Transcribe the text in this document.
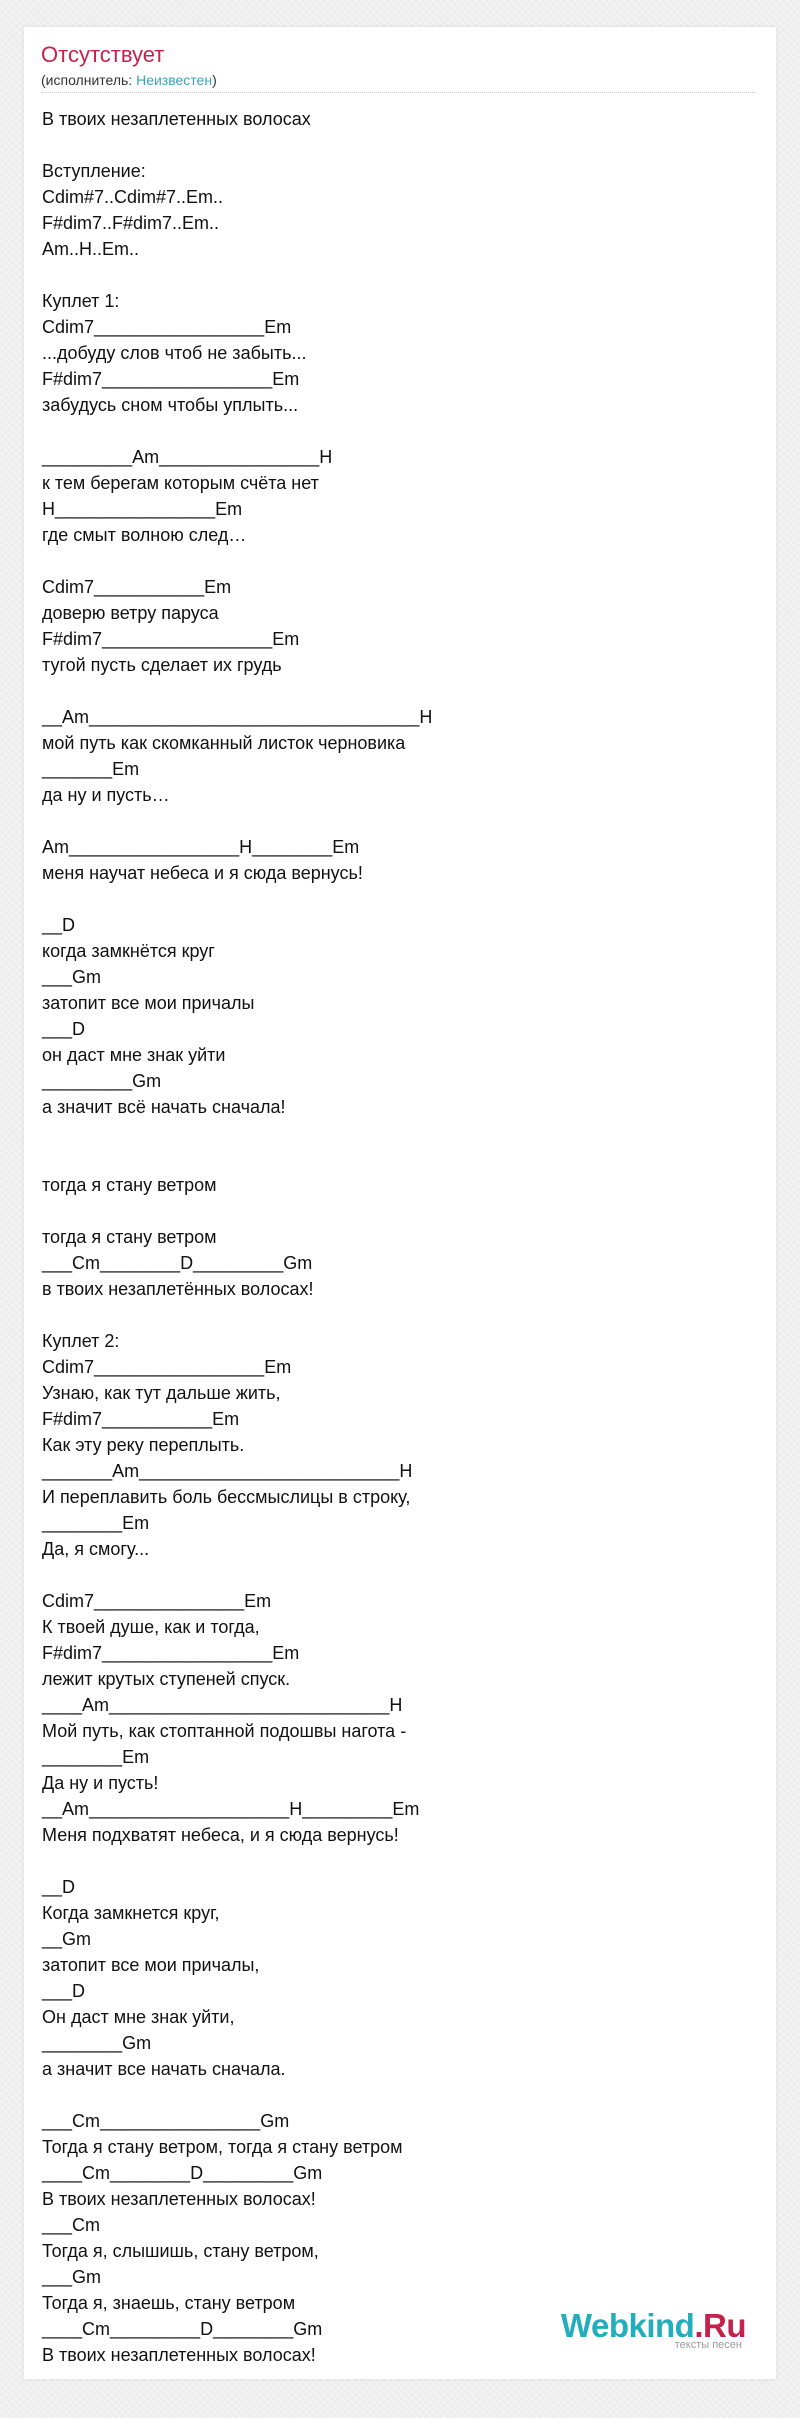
Отсутствует
(исполнитель: Неизвестен)
В твоих незаплетенных волосах

Вступление:
Cdim#7..Cdim#7..Em..
F#dim7..F#dim7..Em..
Am..H..Em..

Куплет 1:
Cdim7_________________Em
...добуду слов чтоб не забыть...
F#dim7_________________Em
забудусь сном чтобы уплыть...

_________Am________________H
к тем берегам которым счёта нет
H________________Em
где смыт волною след…

Cdim7___________Em
доверю ветру паруса
F#dim7_________________Em
тугой пусть сделает их грудь

__Am_________________________________H
мой путь как скомканный листок черновика
_______Em
да ну и пусть…

Am_________________H________Em
меня научат небеса и я сюда вернусь!

__D
когда замкнётся круг
___Gm
затопит все мои причалы
___D
он даст мне знак уйти
_________Gm
а значит всё начать сначала!

тогда я стану ветром

тогда я стану ветром
___Cm________D_________Gm
в твоих незаплетённых волосах!

Куплет 2:
Cdim7_________________Em
Узнаю, как тут дальше жить,
F#dim7___________Em
Как эту реку переплыть.
_______Am__________________________H
И переплавить боль бессмыслицы в строку,
________Em
Да, я смогу...

Cdim7_______________Em
К твоей душе, как и тогда,
F#dim7_________________Em
лежит крутых ступеней спуск.
____Am____________________________H
Мой путь, как стоптанной подошвы нагота -
________Em
Да ну и пусть!
__Am____________________H_________Em
Меня подхватят небеса, и я сюда вернусь!

__D
Когда замкнется круг,
__Gm
затопит все мои причалы,
___D
Он даст мне знак уйти,
________Gm
а значит все начать сначала.

___Cm________________Gm
Тогда я стану ветром, тогда я стану ветром
____Cm________D_________Gm
В твоих незаплетенных волосах!
___Cm
Тогда я, слышишь, стану ветром,
___Gm
Тогда я, знаешь, стану ветром
____Cm_________D________Gm
В твоих незаплетенных волосах!

Webkind.Ru
тексты песен
